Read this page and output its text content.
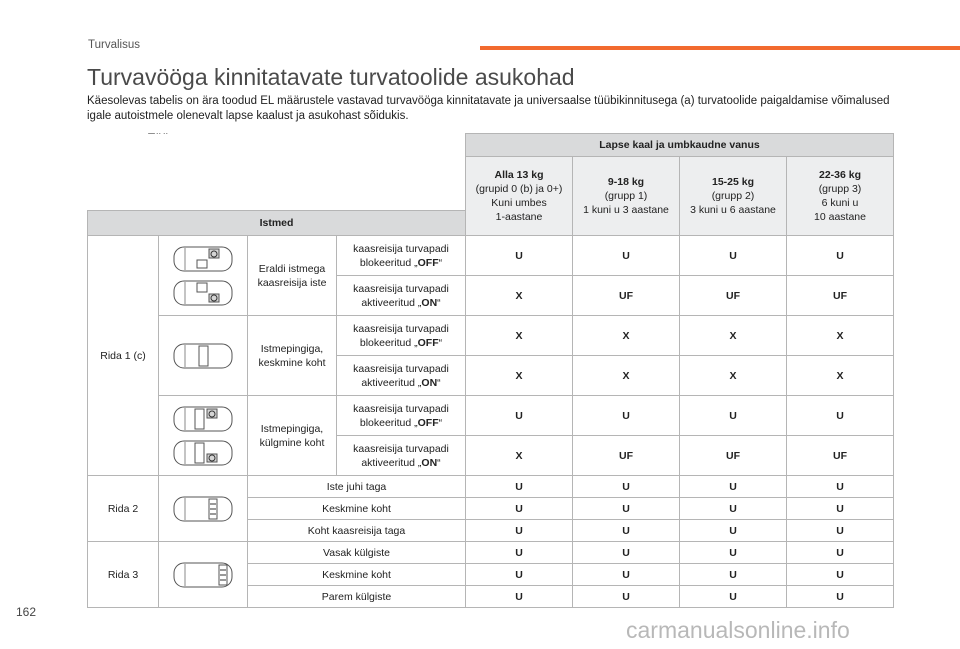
Turvalisus
Turvavööga kinnitatavate turvatoolide asukohad

Käesolevas tabelis on ära toodud EL määrustele vastavad turvavööga kinnitatavate ja universaalse tüübikinnitusega (a) turvatoolide paigaldamise võimalused igale autoistmele olenevalt lapse kaalust ja asukohast sõidukis.

				Lapse kaal ja umbkaudne vanus			
				Alla 13 kg
(grupid 0 (b) ja 0+)
Kuni umbes
1-aastane	9-18 kg
(grupp 1)
1 kuni u 3 aastane	15-25 kg
(grupp 2)
3 kuni u 6 aastane	22-36 kg
(grupp 3)
6 kuni u
10 aastane
Istmed							
Rida 1 (c)		Eraldi istmega kaasreisija iste	kaasreisija turvapadi
blokeeritud „OFF“	U	U	U	U
			kaasreisija turvapadi
aktiveeritud „ON“	X	UF	UF	UF

	Istmepingiga, keskmine koht	kaasreisija turvapadi
blokeeritud „OFF“	X	X	X	X
			kaasreisija turvapadi
aktiveeritud „ON“	X	X	X	X

	Istmepingiga, külgmine koht	kaasreisija turvapadi
blokeeritud „OFF“	U	U	U	U
			kaasreisija turvapadi
aktiveeritud „ON“	X	UF	UF	UF
Rida 2		Iste juhi taga		U	U	U	U
		Keskmine koht		U	U	U	U
		Koht kaasreisija taga		U	U	U	U
Rida 3		Vasak külgiste		U	U	U	U
		Keskmine koht		U	U	U	U
		Parem külgiste		U	U	U	U
162
carmanualsonline.info
